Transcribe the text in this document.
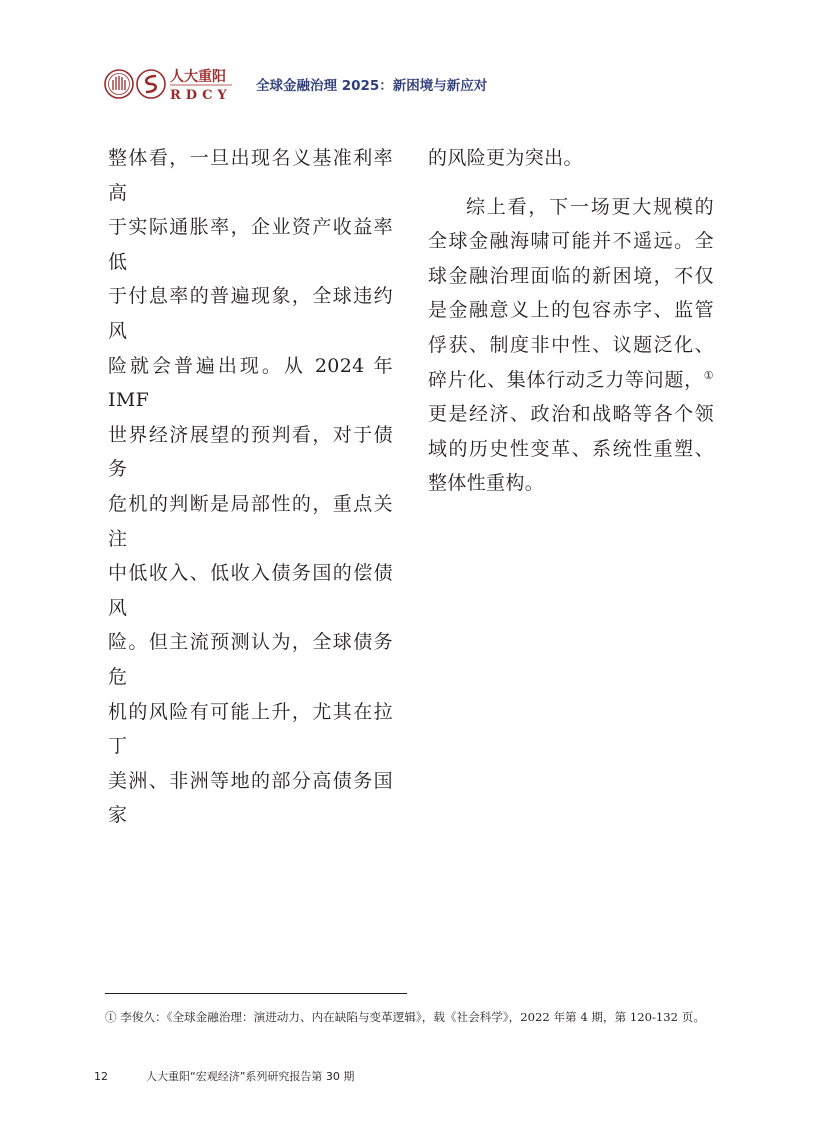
人大重阳
RDCY
全球金融治理 2025：新困境与新应对

整体看，一旦出现名义基准利率高

于实际通胀率，企业资产收益率低

于付息率的普遍现象，全球违约风

险就会普遍出现。从 2024 年 IMF

世界经济展望的预判看，对于债务

危机的判断是局部性的，重点关注

中低收入、低收入债务国的偿债风

险。但主流预测认为，全球债务危

机的风险有可能上升，尤其在拉丁

美洲、非洲等地的部分高债务国家

的风险更为突出。

综上看，下一场更大规模的全球金融海啸可能并不遥远。全球金融治理面临的新困境，不仅是金融意义上的包容赤字、监管俘获、制度非中性、议题泛化、碎片化、集体行动乏力等问题，①更是经济、政治和战略等各个领域的历史性变革、系统性重塑、整体性重构。

① 李俊久：《全球金融治理：演进动力、内在缺陷与变革逻辑》，载《社会科学》，2022 年第 4 期，第 120-132 页。
12	人大重阳“宏观经济”系列研究报告第 30 期
